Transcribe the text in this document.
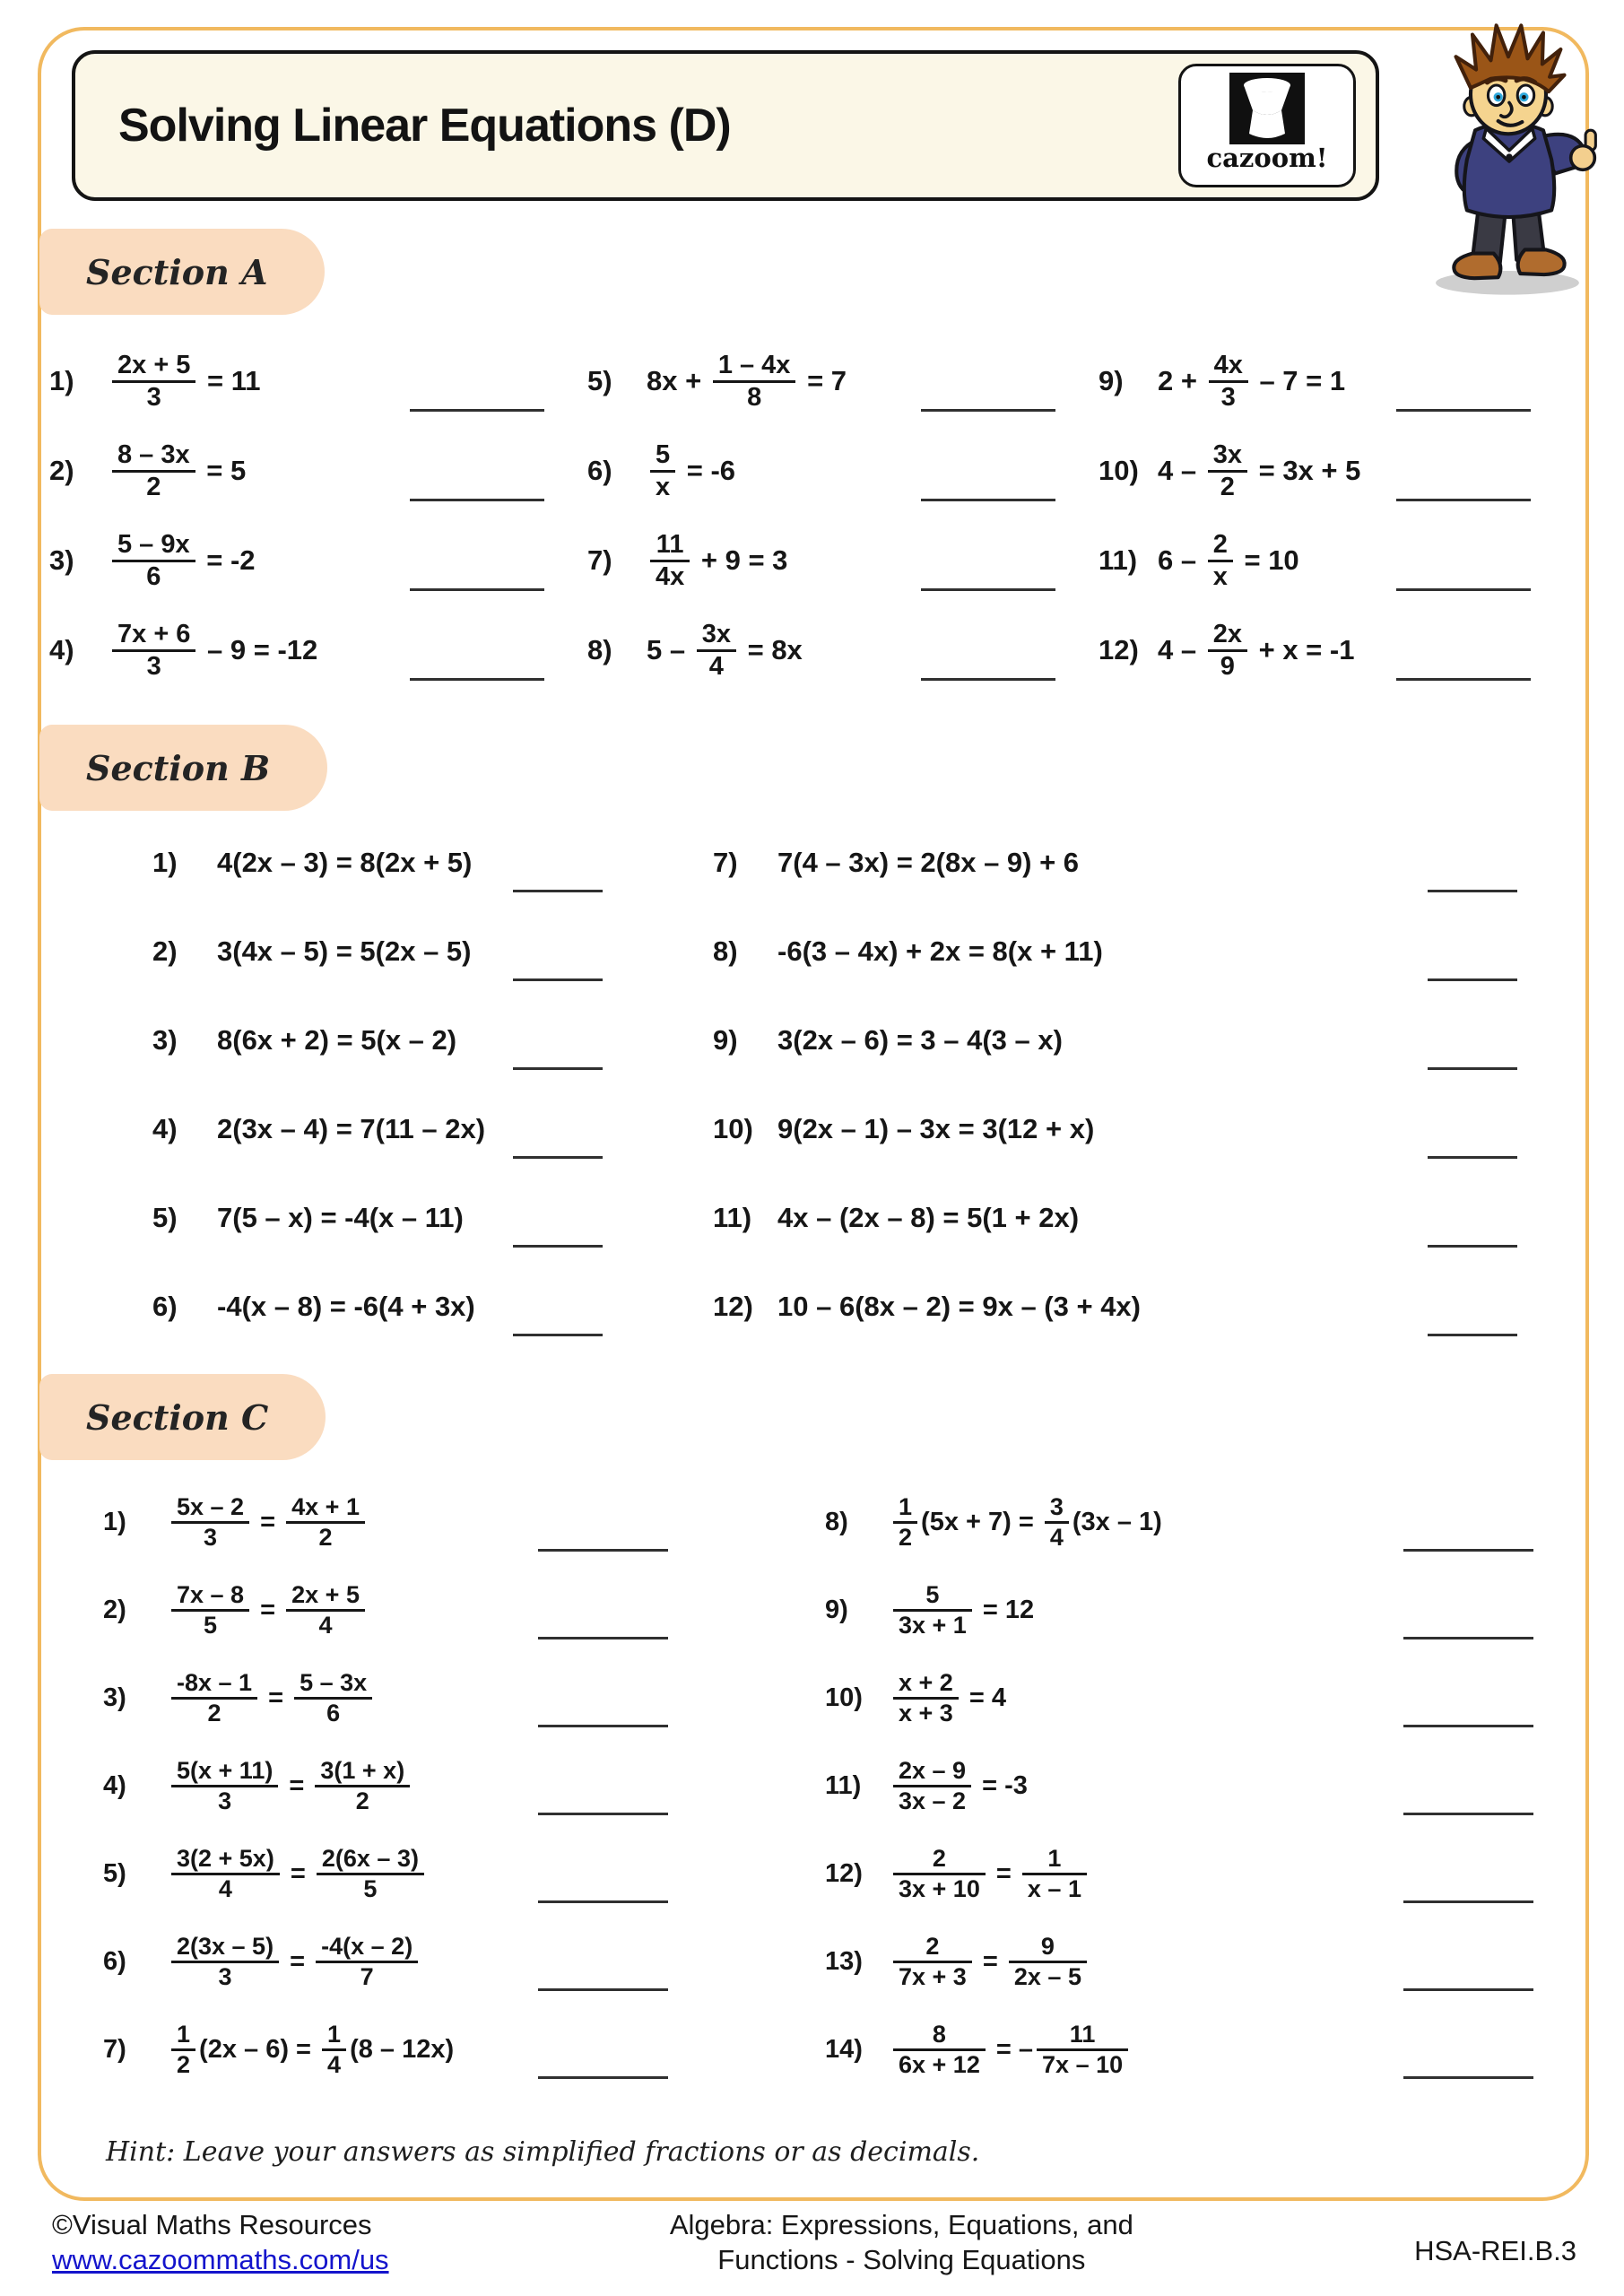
Solving Linear Equations (D)
cazoom!
Section A
1)	$\frac{2x + 5}{3} = 11$
2)	$\frac{8 - 3x}{2} = 5$
3)	$\frac{5 - 9x}{6} = -2$
4)	$\frac{7x + 6}{3} - 9 = -12$
5)	$8x + \frac{1 - 4x}{8} = 7$
6)	$\frac{5}{x} = -6$
7)	$\frac{11}{4x} + 9 = 3$
8)	$5 - \frac{3x}{4} = 8x$
9)	$2 + \frac{4x}{3} - 7 = 1$
10) $4 - \frac{3x}{2} = 3x + 5$
11) $6 - \frac{2}{x} = 10$
12) $4 - \frac{2x}{9} + x = -1$
Section B
1)	4(2x – 3) = 8(2x + 5)
2)	3(4x – 5) = 5(2x – 5)
3)	8(6x + 2) = 5(x – 2)
4)	2(3x – 4) = 7(11 – 2x)
5)	7(5 – x) = -4(x – 11)
6)	-4(x – 8) = -6(4 + 3x)
7)	7(4 – 3x) = 2(8x – 9) + 6
8)	-6(3 – 4x) + 2x = 8(x + 11)
9)	3(2x – 6) = 3 – 4(3 – x)
10) 9(2x – 1) – 3x = 3(12 + x)
11) 4x – (2x – 8) = 5(1 + 2x)
12) 10 – 6(8x – 2) = 9x – (3 + 4x)
Section C
1)	$\frac{5x - 2}{3} = \frac{4x + 1}{2}$
2)	$\frac{7x - 8}{5} = \frac{2x + 5}{4}$
3)	$\frac{-8x - 1}{2} = \frac{5 - 3x}{6}$
4)	$\frac{5(x + 11)}{3} = \frac{3(1 + x)}{2}$
5)	$\frac{3(2 + 5x)}{4} = \frac{2(6x - 3)}{5}$
6)	$\frac{2(3x - 5)}{3} = \frac{-4(x - 2)}{7}$
7)	$\frac{1}{2} (2x - 6) = \frac{1}{4} (8 - 12x)$
8)	$\frac{1}{2} (5x + 7) = \frac{3}{4} (3x - 1)$
9)	$\frac{5}{3x + 1} = 12$
10)	$\frac{x + 2}{x + 3} = 4$
11)	$\frac{2x - 9}{3x - 2} = -3$
12)	$\frac{2}{3x + 10} = \frac{1}{x - 1}$
13)	$\frac{2}{7x + 3} = \frac{9}{2x - 5}$
14)	$\frac{8}{6x + 12}$ = – $\frac{11}{7x - 10}$
Hint: Leave your answers as simplified fractions or as decimals.
©Visual Maths Resources
www.cazoommaths.com/us
Algebra: Expressions, Equations, and
Functions - Solving Equations	HSA-REI.B.3
